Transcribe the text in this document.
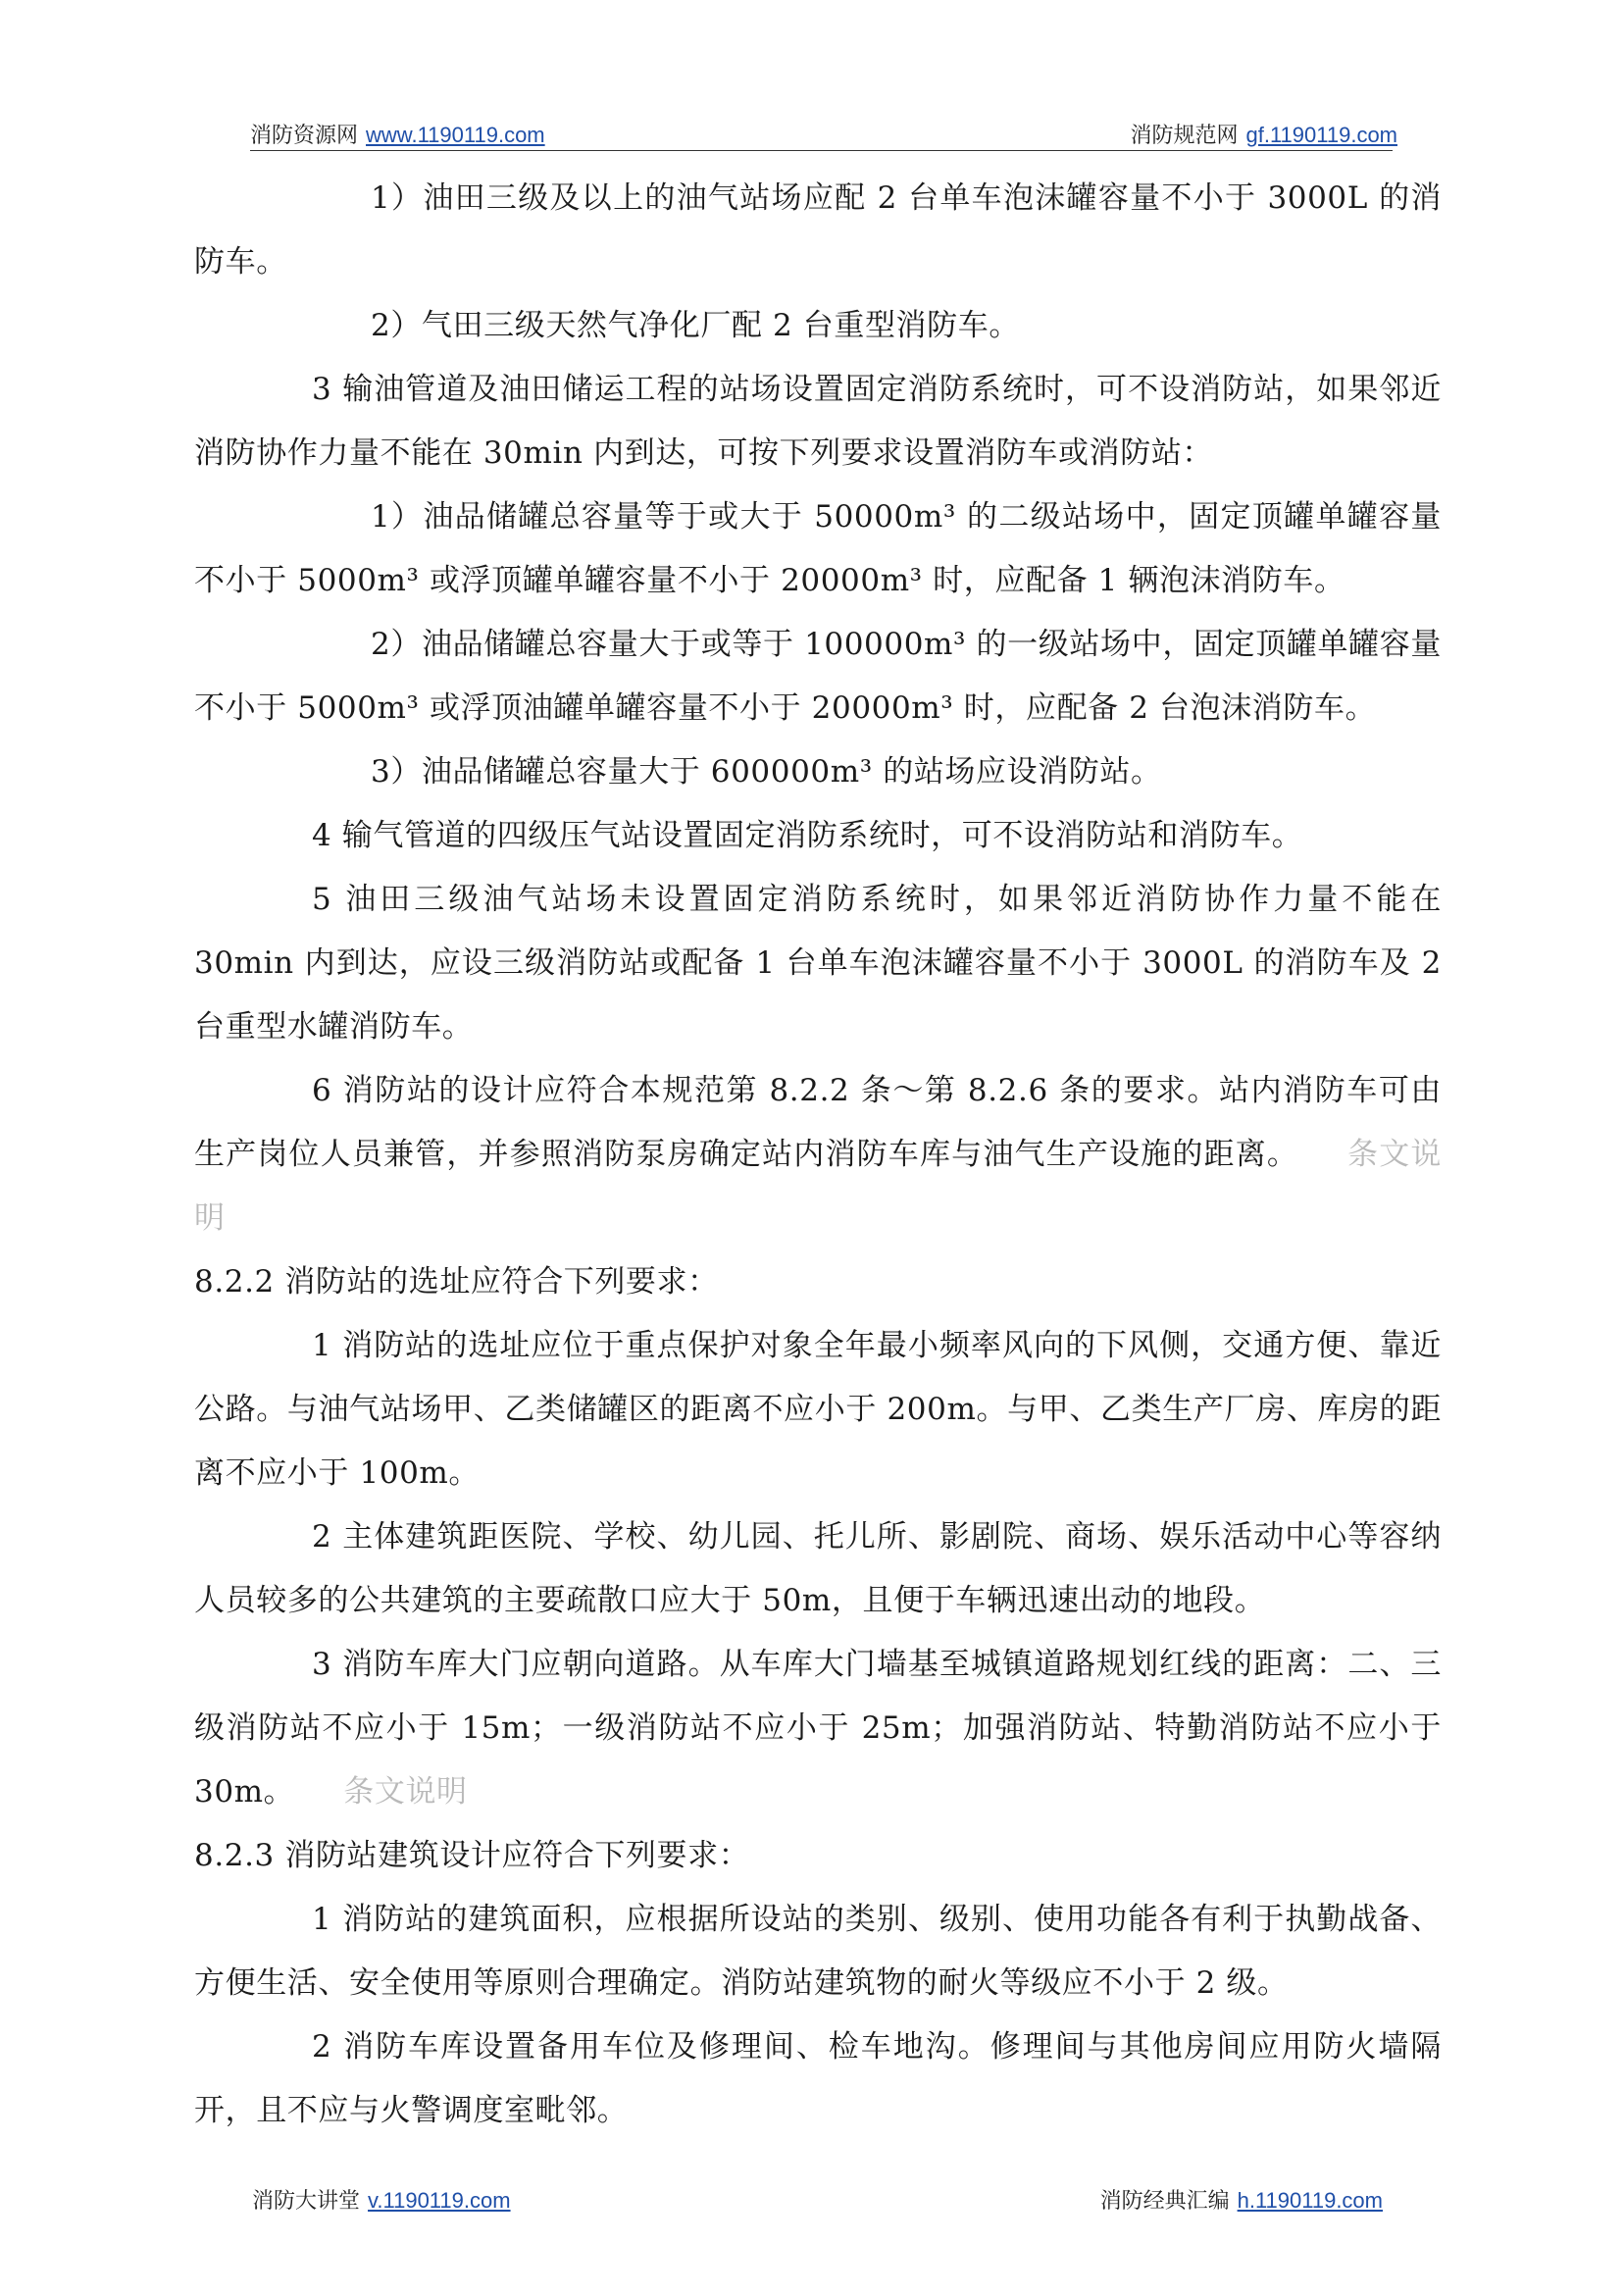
消防资源网 www.1190119.com	消防规范网 gf.1190119.com

1）油田三级及以上的油气站场应配 2 台单车泡沫罐容量不小于 3000L 的消防车。

2）气田三级天然气净化厂配 2 台重型消防车。

3 输油管道及油田储运工程的站场设置固定消防系统时，可不设消防站，如果邻近消防协作力量不能在 30min 内到达，可按下列要求设置消防车或消防站：

1）油品储罐总容量等于或大于 50000m³ 的二级站场中，固定顶罐单罐容量不小于 5000m³ 或浮顶罐单罐容量不小于 20000m³ 时，应配备 1 辆泡沫消防车。

2）油品储罐总容量大于或等于 100000m³ 的一级站场中，固定顶罐单罐容量不小于 5000m³ 或浮顶油罐单罐容量不小于 20000m³ 时，应配备 2 台泡沫消防车。

3）油品储罐总容量大于 600000m³ 的站场应设消防站。

4 输气管道的四级压气站设置固定消防系统时，可不设消防站和消防车。

5 油田三级油气站场未设置固定消防系统时，如果邻近消防协作力量不能在 30min 内到达，应设三级消防站或配备 1 台单车泡沫罐容量不小于 3000L 的消防车及 2 台重型水罐消防车。

6 消防站的设计应符合本规范第 8.2.2 条～第 8.2.6 条的要求。站内消防车可由生产岗位人员兼管，并参照消防泵房确定站内消防车库与油气生产设施的距离。 条文说明

8.2.2 消防站的选址应符合下列要求：

1 消防站的选址应位于重点保护对象全年最小频率风向的下风侧，交通方便、靠近公路。与油气站场甲、乙类储罐区的距离不应小于 200m。与甲、乙类生产厂房、库房的距离不应小于 100m。

2 主体建筑距医院、学校、幼儿园、托儿所、影剧院、商场、娱乐活动中心等容纳人员较多的公共建筑的主要疏散口应大于 50m，且便于车辆迅速出动的地段。

3 消防车库大门应朝向道路。从车库大门墙基至城镇道路规划红线的距离：二、三级消防站不应小于 15m；一级消防站不应小于 25m；加强消防站、特勤消防站不应小于 30m。 条文说明

8.2.3 消防站建筑设计应符合下列要求：

1 消防站的建筑面积，应根据所设站的类别、级别、使用功能各有利于执勤战备、方便生活、安全使用等原则合理确定。消防站建筑物的耐火等级应不小于 2 级。

2 消防车库设置备用车位及修理间、检车地沟。修理间与其他房间应用防火墙隔开，且不应与火警调度室毗邻。

消防大讲堂 v.1190119.com	消防经典汇编 h.1190119.com
